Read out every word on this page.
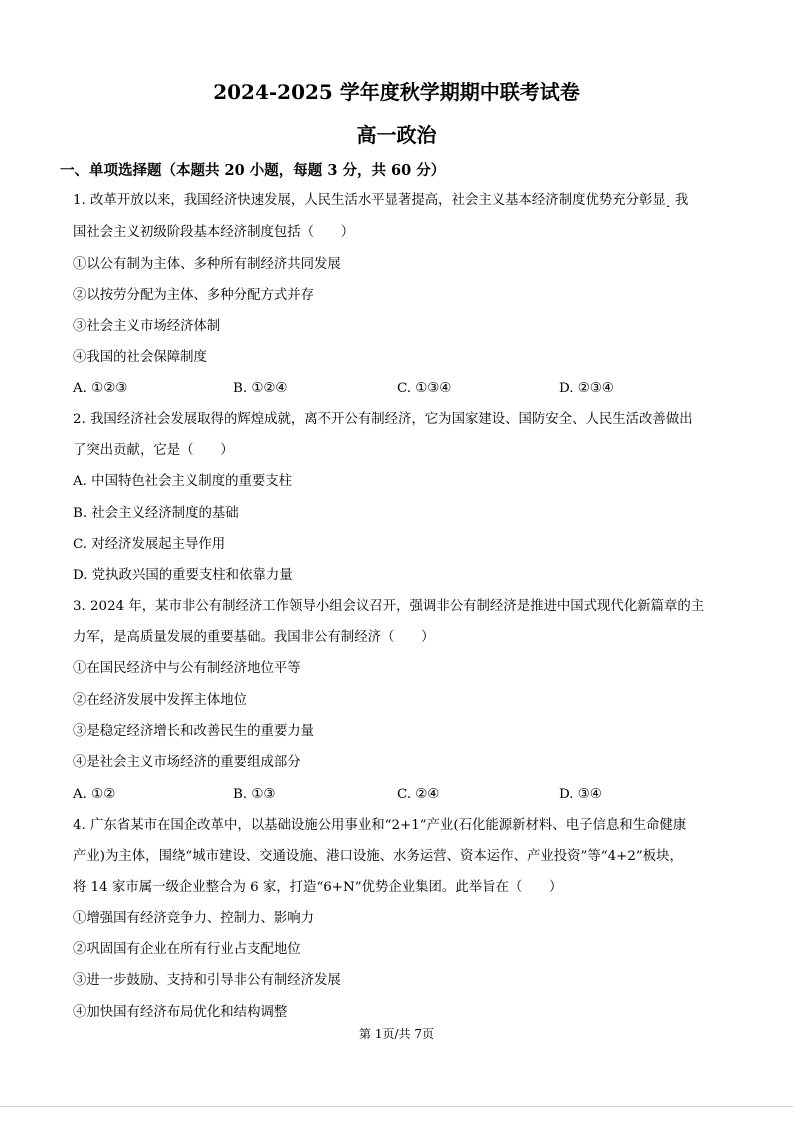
2024-2025 学年度秋学期期中联考试卷
高一政治
一、单项选择题（本题共 20 小题，每题 3 分，共 60 分）
1. 改革开放以来，我国经济快速发展，人民生活水平显著提高，社会主义基本经济制度优势充分彰显$_{..}$  我
国社会主义初级阶段基本经济制度包括（　　）
①以公有制为主体、多种所有制经济共同发展
②以按劳分配为主体、多种分配方式并存
③社会主义市场经济体制
④我国的社会保障制度
A. ①②③	B. ①②④	C. ①③④	D. ②③④
2. 我国经济社会发展取得的辉煌成就，离不开公有制经济，它为国家建设、国防安全、人民生活改善做出
了突出贡献，它是（　　）
A. 中国特色社会主义制度的重要支柱
B. 社会主义经济制度的基础
C. 对经济发展起主导作用
D. 党执政兴国的重要支柱和依靠力量
3. 2024 年，某市非公有制经济工作领导小组会议召开，强调非公有制经济是推进中国式现代化新篇章的主
力军，是高质量发展的重要基础。我国非公有制经济（　　）
①在国民经济中与公有制经济地位平等
②在经济发展中发挥主体地位
③是稳定经济增长和改善民生的重要力量
④是社会主义市场经济的重要组成部分
A. ①②	B. ①③	C. ②④	D. ③④
4. 广东省某市在国企改革中，以基础设施公用事业和“2+1”产业(石化能源新材料、电子信息和生命健康
产业)为主体，围绕“城市建设、交通设施、港口设施、水务运营、资本运作、产业投资”等“4+2”板块，
将 14 家市属一级企业整合为 6 家，打造“6+N”优势企业集团。此举旨在（　　）
①增强国有经济竞争力、控制力、影响力
②巩固国有企业在所有行业占支配地位
③进一步鼓励、支持和引导非公有制经济发展
④加快国有经济布局优化和结构调整
第 1页/共 7页
